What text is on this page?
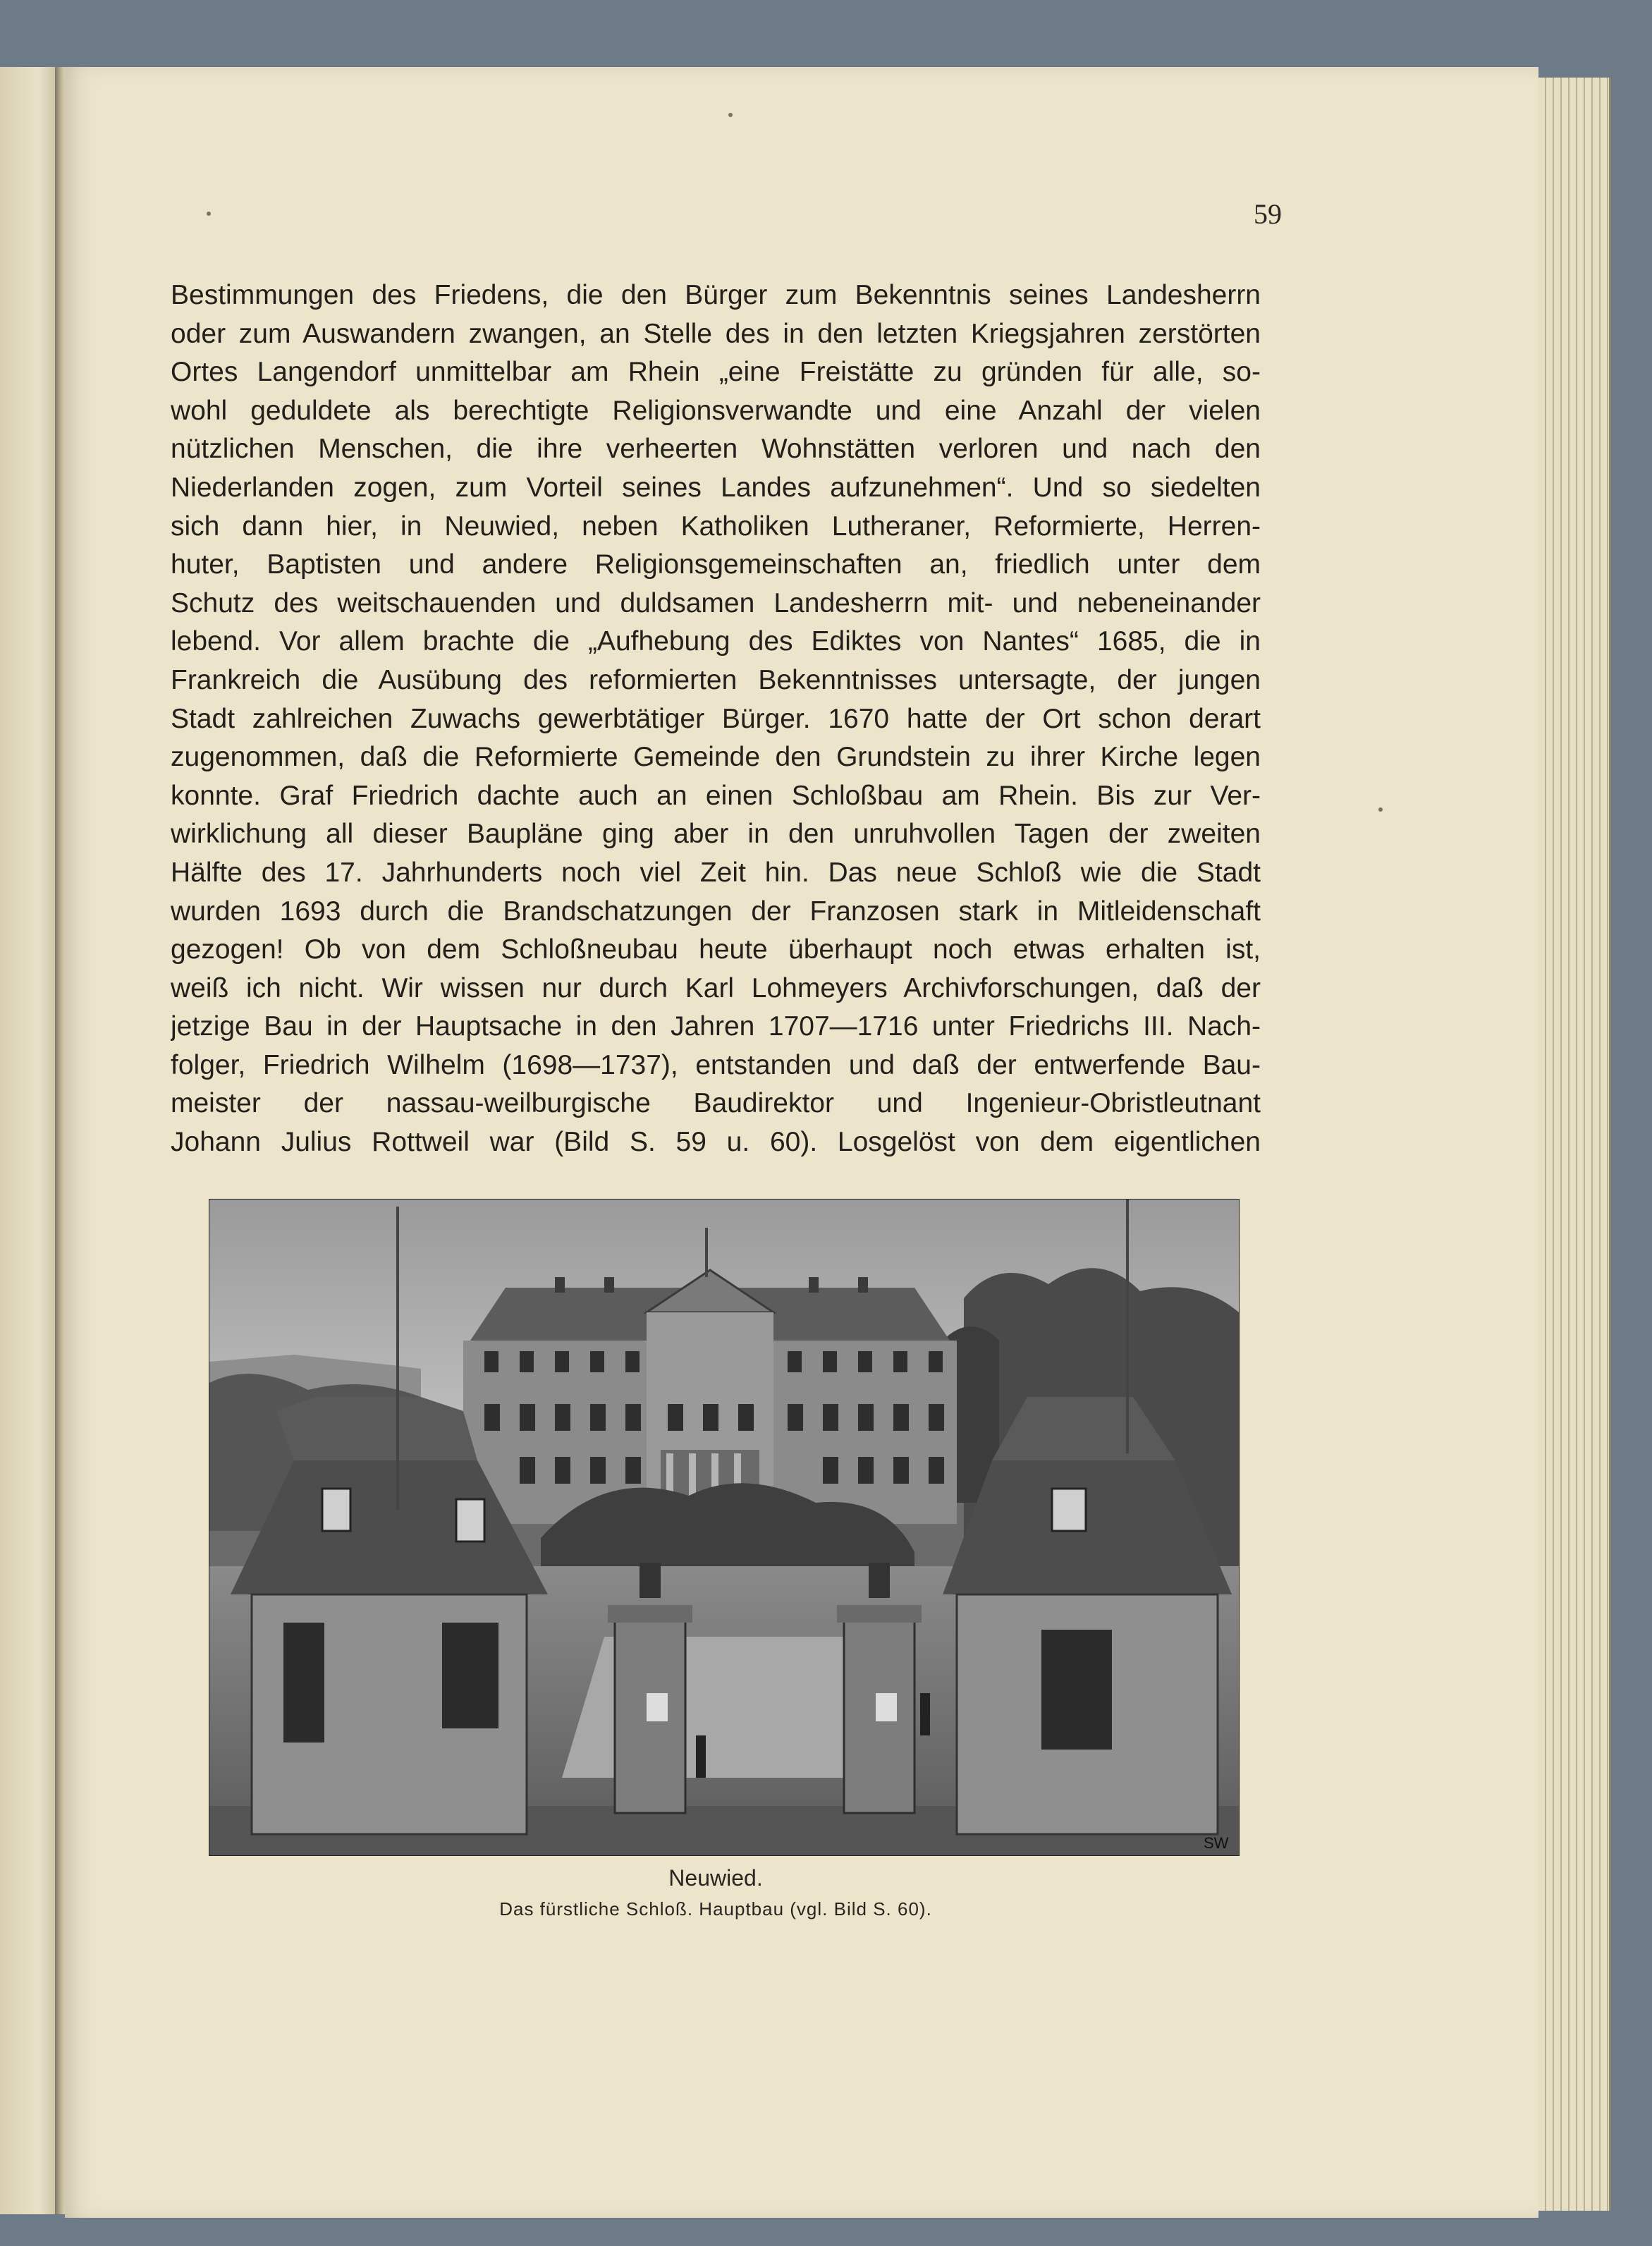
59
Bestimmungen des Friedens, die den Bürger zum Bekenntnis seines Landesherrn
oder zum Auswandern zwangen, an Stelle des in den letzten Kriegsjahren zerstörten
Ortes Langendorf unmittelbar am Rhein „eine Freistätte zu gründen für alle, so-
wohl geduldete als berechtigte Religionsverwandte und eine Anzahl der vielen
nützlichen Menschen, die ihre verheerten Wohnstätten verloren und nach den
Niederlanden zogen, zum Vorteil seines Landes aufzunehmen“. Und so siedelten
sich dann hier, in Neuwied, neben Katholiken Lutheraner, Reformierte, Herren-
huter, Baptisten und andere Religionsgemeinschaften an, friedlich unter dem
Schutz des weitschauenden und duldsamen Landesherrn mit- und nebeneinander
lebend. Vor allem brachte die „Aufhebung des Ediktes von Nantes“ 1685, die in
Frankreich die Ausübung des reformierten Bekenntnisses untersagte, der jungen
Stadt zahlreichen Zuwachs gewerbtätiger Bürger. 1670 hatte der Ort schon derart
zugenommen, daß die Reformierte Gemeinde den Grundstein zu ihrer Kirche legen
konnte. Graf Friedrich dachte auch an einen Schloßbau am Rhein. Bis zur Ver-
wirklichung all dieser Baupläne ging aber in den unruhvollen Tagen der zweiten
Hälfte des 17. Jahrhunderts noch viel Zeit hin. Das neue Schloß wie die Stadt
wurden 1693 durch die Brandschatzungen der Franzosen stark in Mitleidenschaft
gezogen! Ob von dem Schloßneubau heute überhaupt noch etwas erhalten ist,
weiß ich nicht. Wir wissen nur durch Karl Lohmeyers Archivforschungen, daß der
jetzige Bau in der Hauptsache in den Jahren 1707—1716 unter Friedrichs III. Nach-
folger, Friedrich Wilhelm (1698—1737), entstanden und daß der entwerfende Bau-
meister der nassau-weilburgische Baudirektor und Ingenieur-Obristleutnant
Johann Julius Rottweil war (Bild S. 59 u. 60). Losgelöst von dem eigentlichen
SW
Neuwied.
Das fürstliche Schloß. Hauptbau (vgl. Bild S. 60).
